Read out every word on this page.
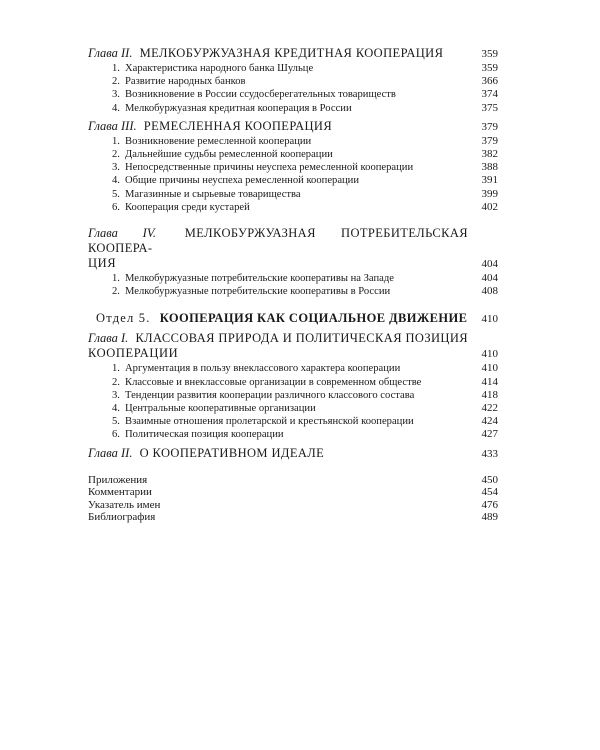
Глава II. МЕЛКОБУРЖУАЗНАЯ КРЕДИТНАЯ КООПЕРАЦИЯ	359
1. Характеристика народного банка Шульце	359
2. Развитие народных банков	366
3. Возникновение в России ссудосберегательных товариществ	374
4. Мелкобуржуазная кредитная кооперация в России	375
Глава III. РЕМЕСЛЕННАЯ КООПЕРАЦИЯ	379
1. Возникновение ремесленной кооперации	379
2. Дальнейшие судьбы ремесленной кооперации	382
3. Непосредственные причины неуспеха ремесленной кооперации	388
4. Общие причины неуспеха ремесленной кооперации	391
5. Магазинные и сырьевые товарищества	399
6. Кооперация среди кустарей	402
Глава IV. МЕЛКОБУРЖУАЗНАЯ ПОТРЕБИТЕЛЬСКАЯ КООПЕРА-
ЦИЯ	404
1. Мелкобуржуазные потребительские кооперативы на Западе	404
2. Мелкобуржуазные потребительские кооперативы в России	408
Отдел 5. КООПЕРАЦИЯ КАК СОЦИАЛЬНОЕ ДВИЖЕНИЕ	410
Глава I. КЛАССОВАЯ ПРИРОДА И ПОЛИТИЧЕСКАЯ ПОЗИЦИЯ
КООПЕРАЦИИ	410
1. Аргументация в пользу внеклассового характера кооперации	410
2. Классовые и внеклассовые организации в современном обществе	414
3. Тенденции развития кооперации различного классового состава	418
4. Центральные кооперативные организации	422
5. Взаимные отношения пролетарской и крестьянской кооперации	424
6. Политическая позиция кооперации	427
Глава II. О КООПЕРАТИВНОМ ИДЕАЛЕ	433
Приложения	450
Комментарии	454
Указатель имен	476
Библиография	489
